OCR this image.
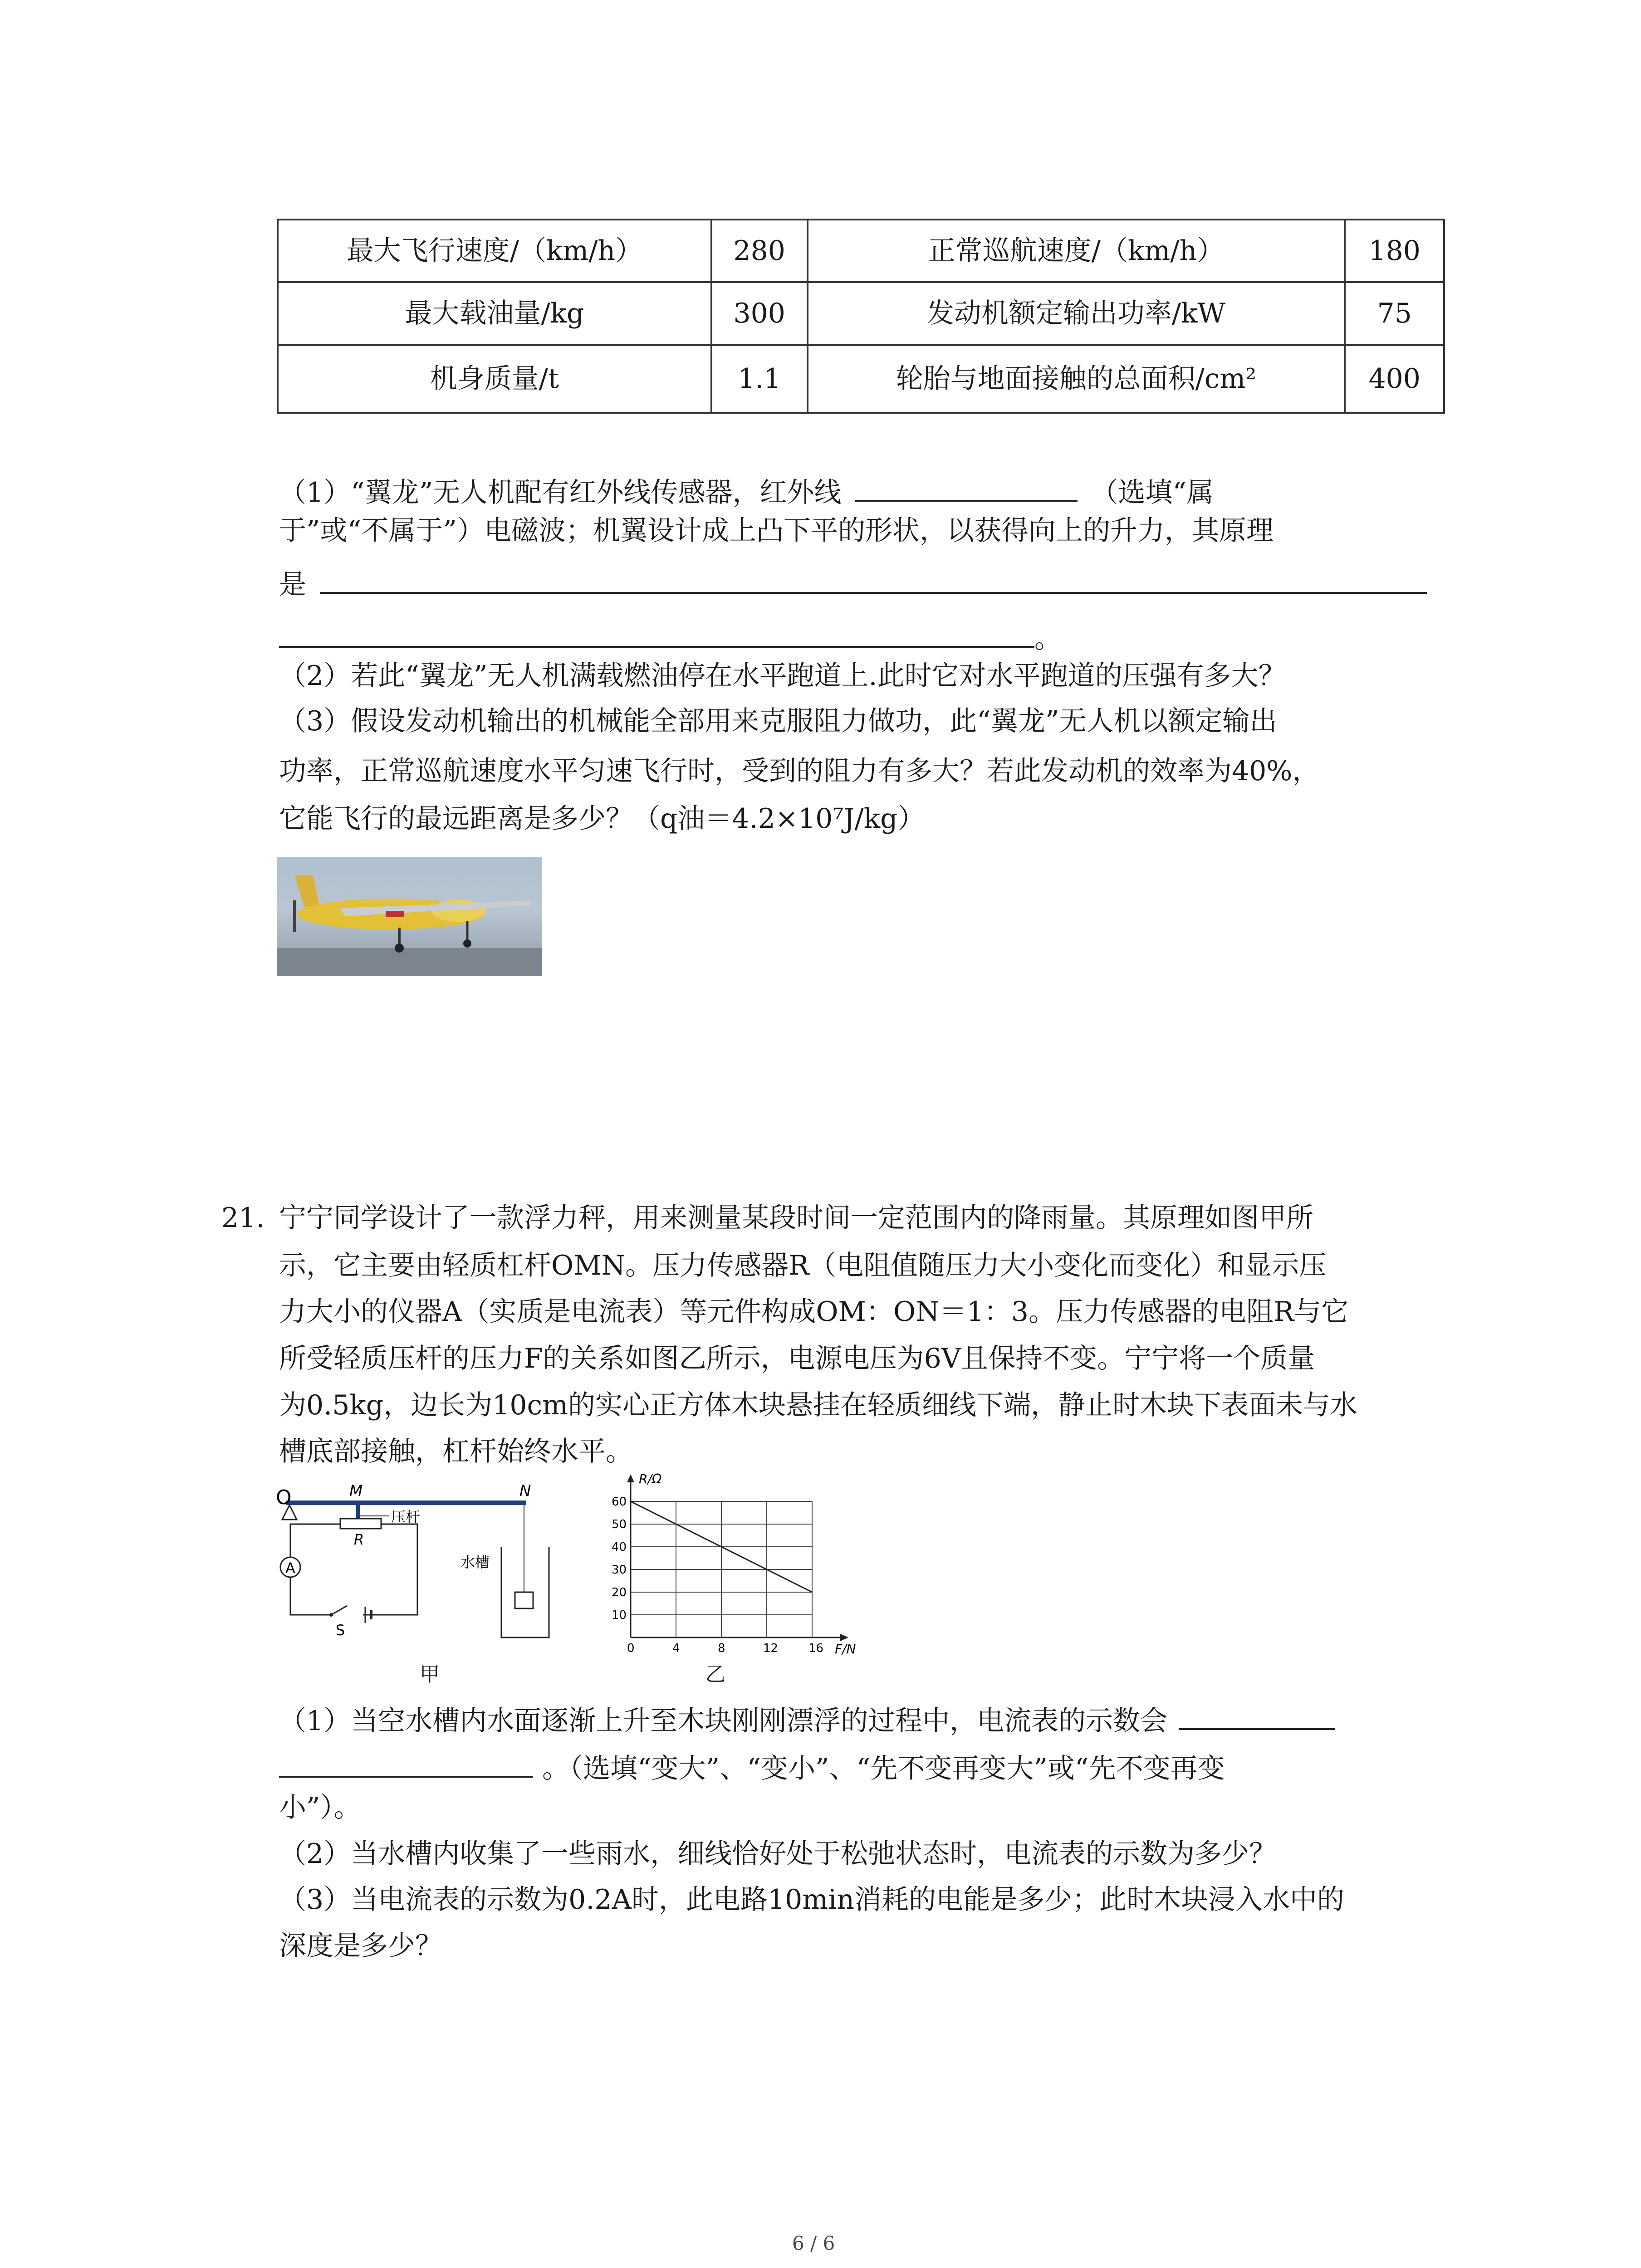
最大飞行速度/（km/h）	280	正常巡航速度/（km/h）	180
最大载油量/kg	300	发动机额定输出功率/kW	75
机身质量/t	1.1	轮胎与地面接触的总面积/cm²	400
（1）“翼龙”无人机配有红外线传感器，红外线	（选填“属
于”或“不属于”）电磁波；机翼设计成上凸下平的形状，以获得向上的升力，其原理
是
。
（2）若此“翼龙”无人机满载燃油停在水平跑道上.此时它对水平跑道的压强有多大？
（3）假设发动机输出的机械能全部用来克服阻力做功，此“翼龙”无人机以额定输出
功率，正常巡航速度水平匀速飞行时，受到的阻力有多大？若此发动机的效率为40%，
它能飞行的最远距离是多少？（q油＝4.2×10⁷J/kg）
21. 宁宁同学设计了一款浮力秤，用来测量某段时间一定范围内的降雨量。其原理如图甲所
示，它主要由轻质杠杆OMN。压力传感器R（电阻值随压力大小变化而变化）和显示压
力大小的仪器A（实质是电流表）等元件构成OM：ON＝1：3。压力传感器的电阻R与它
所受轻质压杆的压力F的关系如图乙所示，电源电压为6V且保持不变。宁宁将一个质量
为0.5kg，边长为10cm的实心正方体木块悬挂在轻质细线下端，静止时木块下表面未与水
槽底部接触，杠杆始终水平。
O	M	N
压杆
R
A
S
水槽
甲
0	4	8	12	16
10
20
30
40
50
60
R/Ω
F/N
乙
（1）当空水槽内水面逐渐上升至木块刚刚漂浮的过程中，电流表的示数会
。（选填“变大”、“变小”、“先不变再变大”或“先不变再变
小”）。
（2）当水槽内收集了一些雨水，细线恰好处于松弛状态时，电流表的示数为多少？
（3）当电流表的示数为0.2A时，此电路10min消耗的电能是多少；此时木块浸入水中的
深度是多少？
6 / 6
